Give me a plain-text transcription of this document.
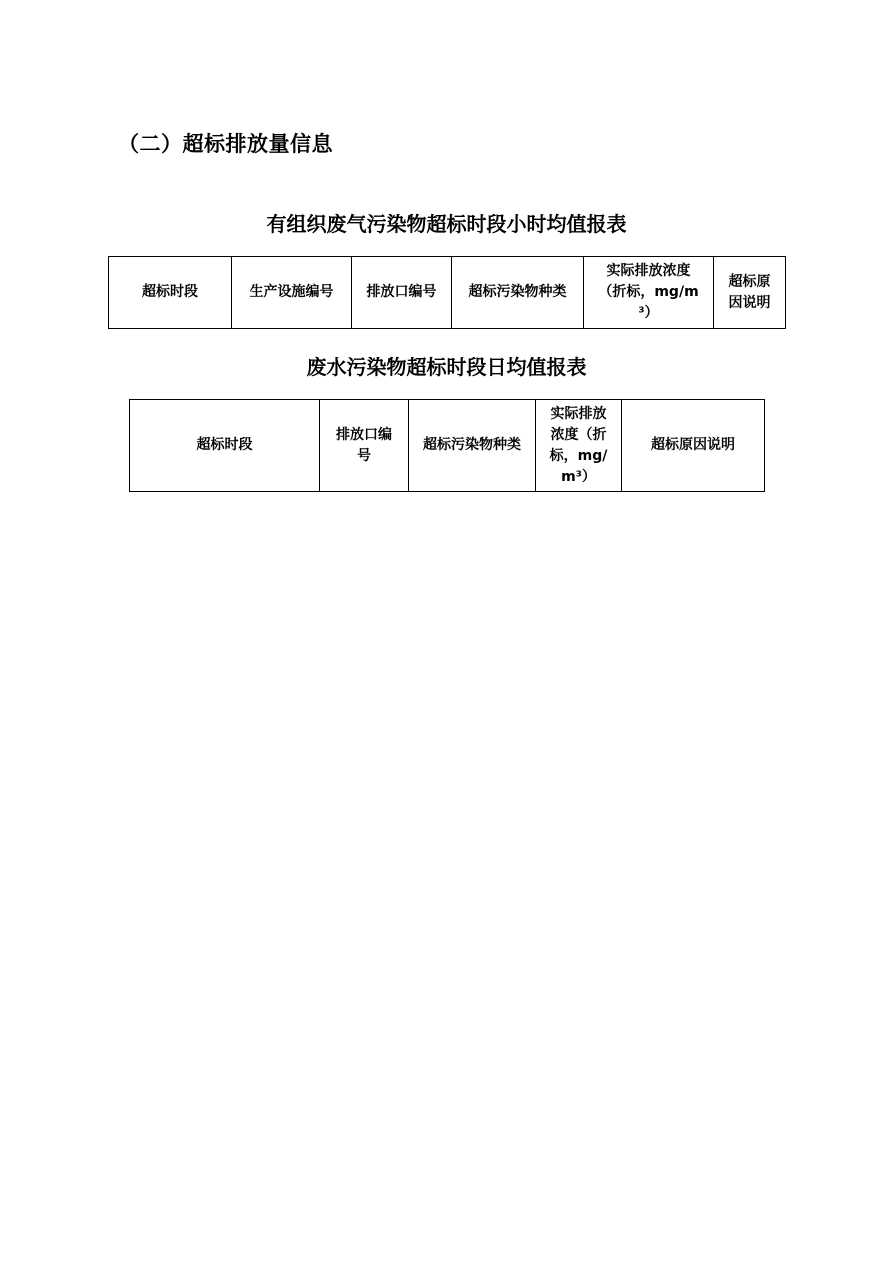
（二）超标排放量信息
有组织废气污染物超标时段小时均值报表
超标时段	生产设施编号	排放口编号	超标污染物种类	实际排放浓度（折标，mg/m³）	超标原因说明
废水污染物超标时段日均值报表
超标时段	排放口编号	超标污染物种类	实际排放浓度（折标，mg/m³）	超标原因说明
